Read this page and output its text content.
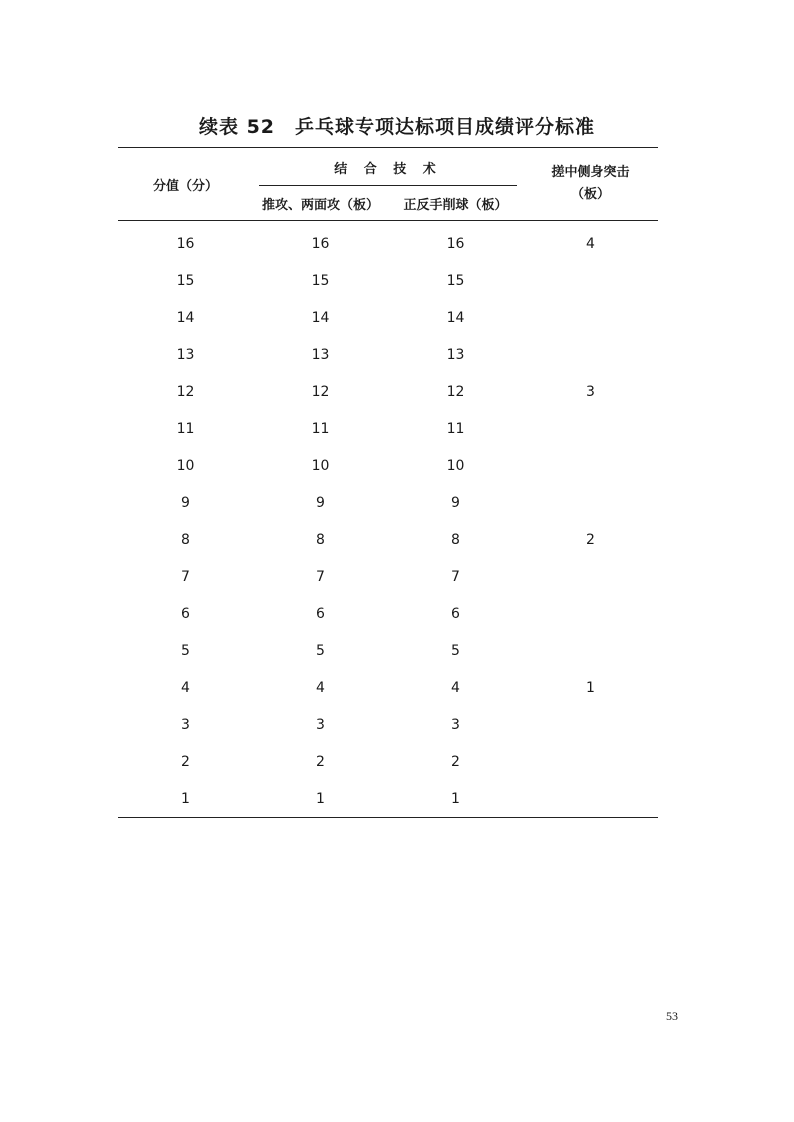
续表 52　乒乓球专项达标项目成绩评分标准
分值（分）	结 合 技 术		搓中侧身突击
（板）
	推攻、两面攻（板）	正反手削球（板）	
16	16	16	4
15	15	15	
14	14	14	
13	13	13	
12	12	12	3
11	11	11	
10	10	10	
9	9	9	
8	8	8	2
7	7	7	
6	6	6	
5	5	5	
4	4	4	1
3	3	3	
2	2	2	
1	1	1	
53
